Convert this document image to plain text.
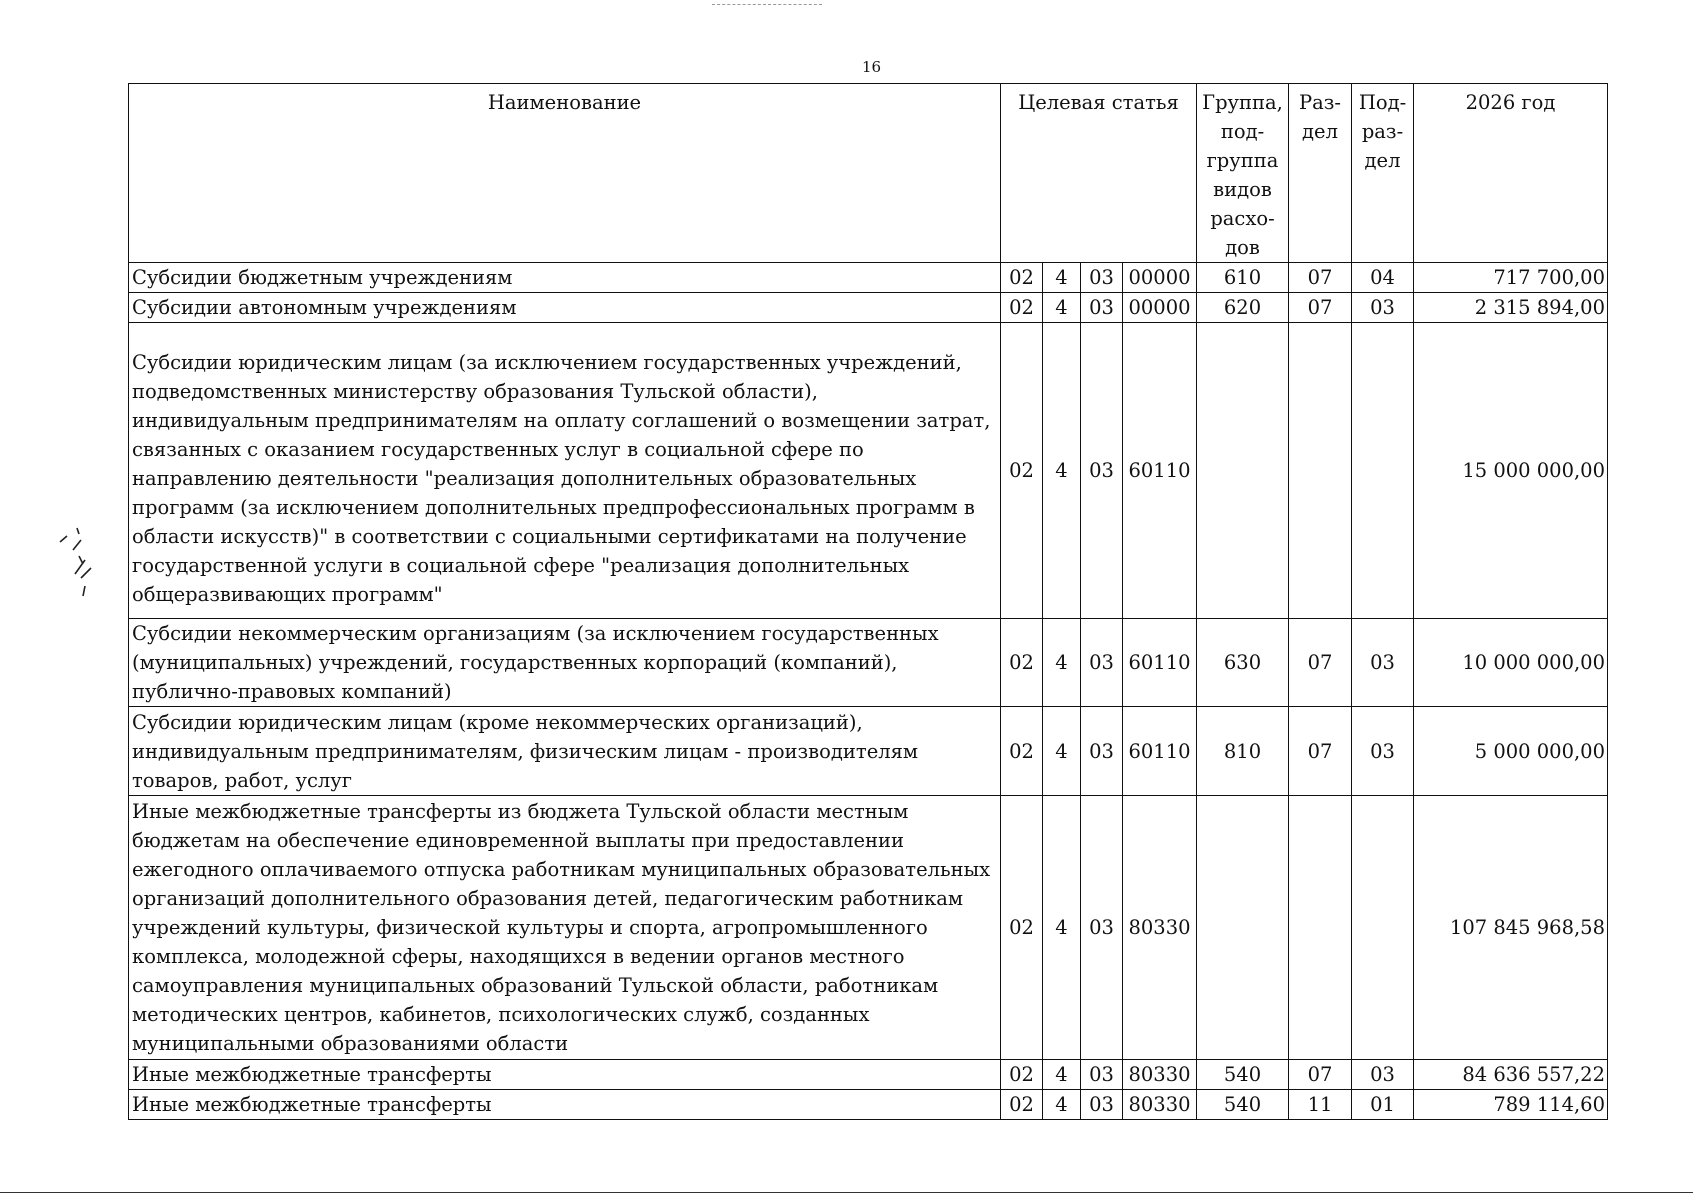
16
Наименование	Целевая статья				Группа, под- группа видов расхо- дов	Раз- дел	Под- раз- дел	2026 год
Субсидии бюджетным учреждениям	02	4	03	00000	610	07	04	717 700,00
Субсидии автономным учреждениям	02	4	03	00000	620	07	03	2 315 894,00
Субсидии юридическим лицам (за исключением государственных учреждений, подведомственных министерству образования Тульской области), индивидуальным предпринимателям на оплату соглашений о возмещении затрат, связанных с оказанием государственных услуг в социальной сфере по направлению деятельности "реализация дополнительных образовательных программ (за исключением дополнительных предпрофессиональных программ в области искусств)" в соответствии с социальными сертификатами на получение государственной услуги в социальной сфере "реализация дополнительных общеразвивающих программ"	02	4	03	60110				15 000 000,00
Субсидии некоммерческим организациям (за исключением государственных (муниципальных) учреждений, государственных корпораций (компаний), публично-правовых компаний)	02	4	03	60110	630	07	03	10 000 000,00
Субсидии юридическим лицам (кроме некоммерческих организаций), индивидуальным предпринимателям, физическим лицам - производителям товаров, работ, услуг	02	4	03	60110	810	07	03	5 000 000,00
Иные межбюджетные трансферты из бюджета Тульской области местным бюджетам на обеспечение единовременной выплаты при предоставлении ежегодного оплачиваемого отпуска работникам муниципальных образовательных организаций дополнительного образования детей, педагогическим работникам учреждений культуры, физической культуры и спорта, агропромышленного комплекса, молодежной сферы, находящихся в ведении органов местного самоуправления муниципальных образований Тульской области, работникам методических центров, кабинетов, психологических служб, созданных муниципальными образованиями области	02	4	03	80330				107 845 968,58
Иные межбюджетные трансферты	02	4	03	80330	540	07	03	84 636 557,22
Иные межбюджетные трансферты	02	4	03	80330	540	11	01	789 114,60
